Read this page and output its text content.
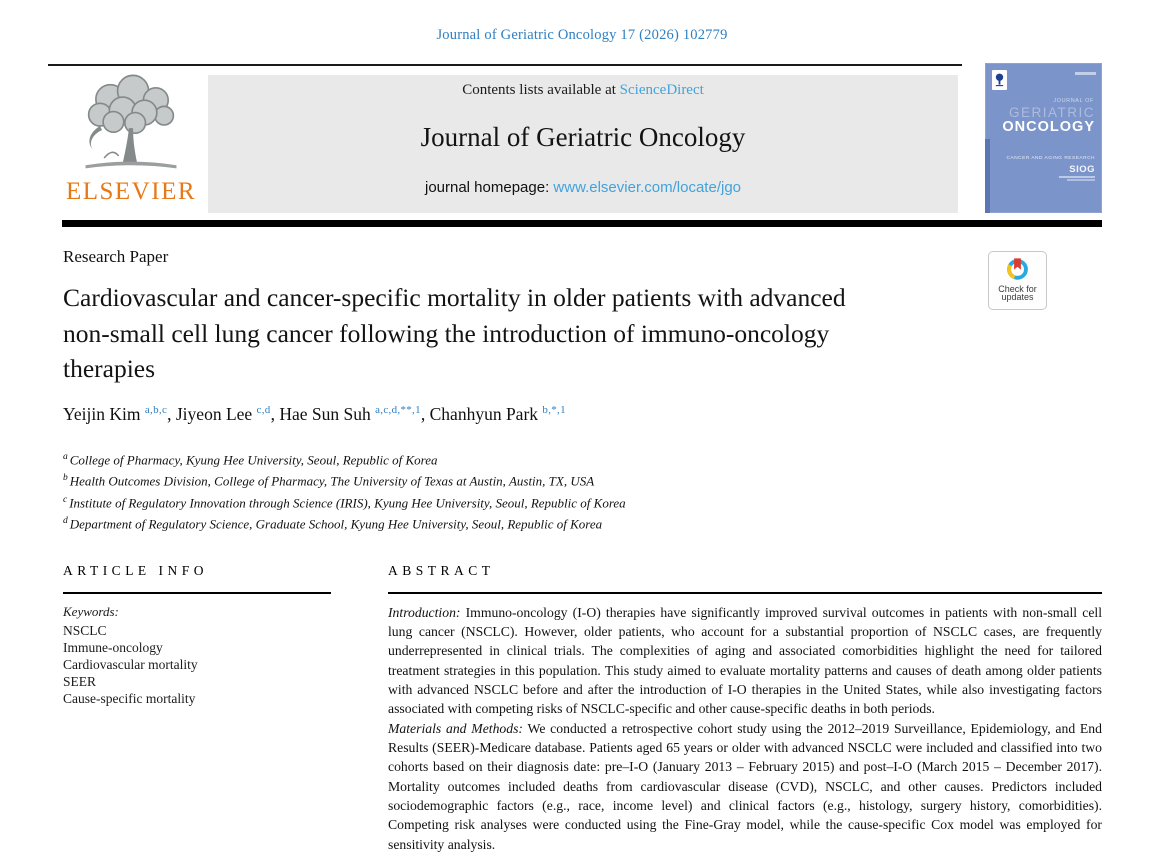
Journal of Geriatric Oncology 17 (2026) 102779
ELSEVIER
Contents lists available at ScienceDirect
Journal of Geriatric Oncology
journal homepage: www.elsevier.com/locate/jgo
JOURNAL OF
GERIATRIC
ONCOLOGY
CANCER AND AGING RESEARCH
SIOG
Check for
updates
Research Paper
Cardiovascular and cancer-specific mortality in older patients with advanced non-small cell lung cancer following the introduction of immuno-oncology therapies
Yeijin Kim $^{a,b,c}$, Jiyeon Lee $^{c,d}$, Hae Sun Suh $^{a,c,d,**,1}$, Chanhyun Park $^{b,*,1}$
$^a$ College of Pharmacy, Kyung Hee University, Seoul, Republic of Korea
$^b$ Health Outcomes Division, College of Pharmacy, The University of Texas at Austin, Austin, TX, USA
$^c$ Institute of Regulatory Innovation through Science (IRIS), Kyung Hee University, Seoul, Republic of Korea
$^d$ Department of Regulatory Science, Graduate School, Kyung Hee University, Seoul, Republic of Korea
ARTICLE INFO
Keywords:
NSCLC
Immune-oncology
Cardiovascular mortality
SEER
Cause-specific mortality
ABSTRACT

Introduction: Immuno-oncology (I-O) therapies have significantly improved survival outcomes in patients with non-small cell lung cancer (NSCLC). However, older patients, who account for a substantial proportion of NSCLC cases, are frequently underrepresented in clinical trials. The complexities of aging and associated comorbidities highlight the need for tailored treatment strategies in this population. This study aimed to evaluate mortality patterns and causes of death among older patients with advanced NSCLC before and after the introduction of I-O therapies in the United States, while also investigating factors associated with competing risks of NSCLC-specific and other cause-specific deaths in both periods.

Materials and Methods: We conducted a retrospective cohort study using the 2012–2019 Surveillance, Epidemiology, and End Results (SEER)-Medicare database. Patients aged 65 years or older with advanced NSCLC were included and classified into two cohorts based on their diagnosis date: pre–I-O (January 2013 – February 2015) and post–I-O (March 2015 – December 2017). Mortality outcomes included deaths from cardiovascular disease (CVD), NSCLC, and other causes. Predictors included sociodemographic factors (e.g., race, income level) and clinical factors (e.g., histology, surgery history, comorbidities). Competing risk analyses were conducted using the Fine-Gray model, while the cause-specific Cox model was employed for sensitivity analysis.
